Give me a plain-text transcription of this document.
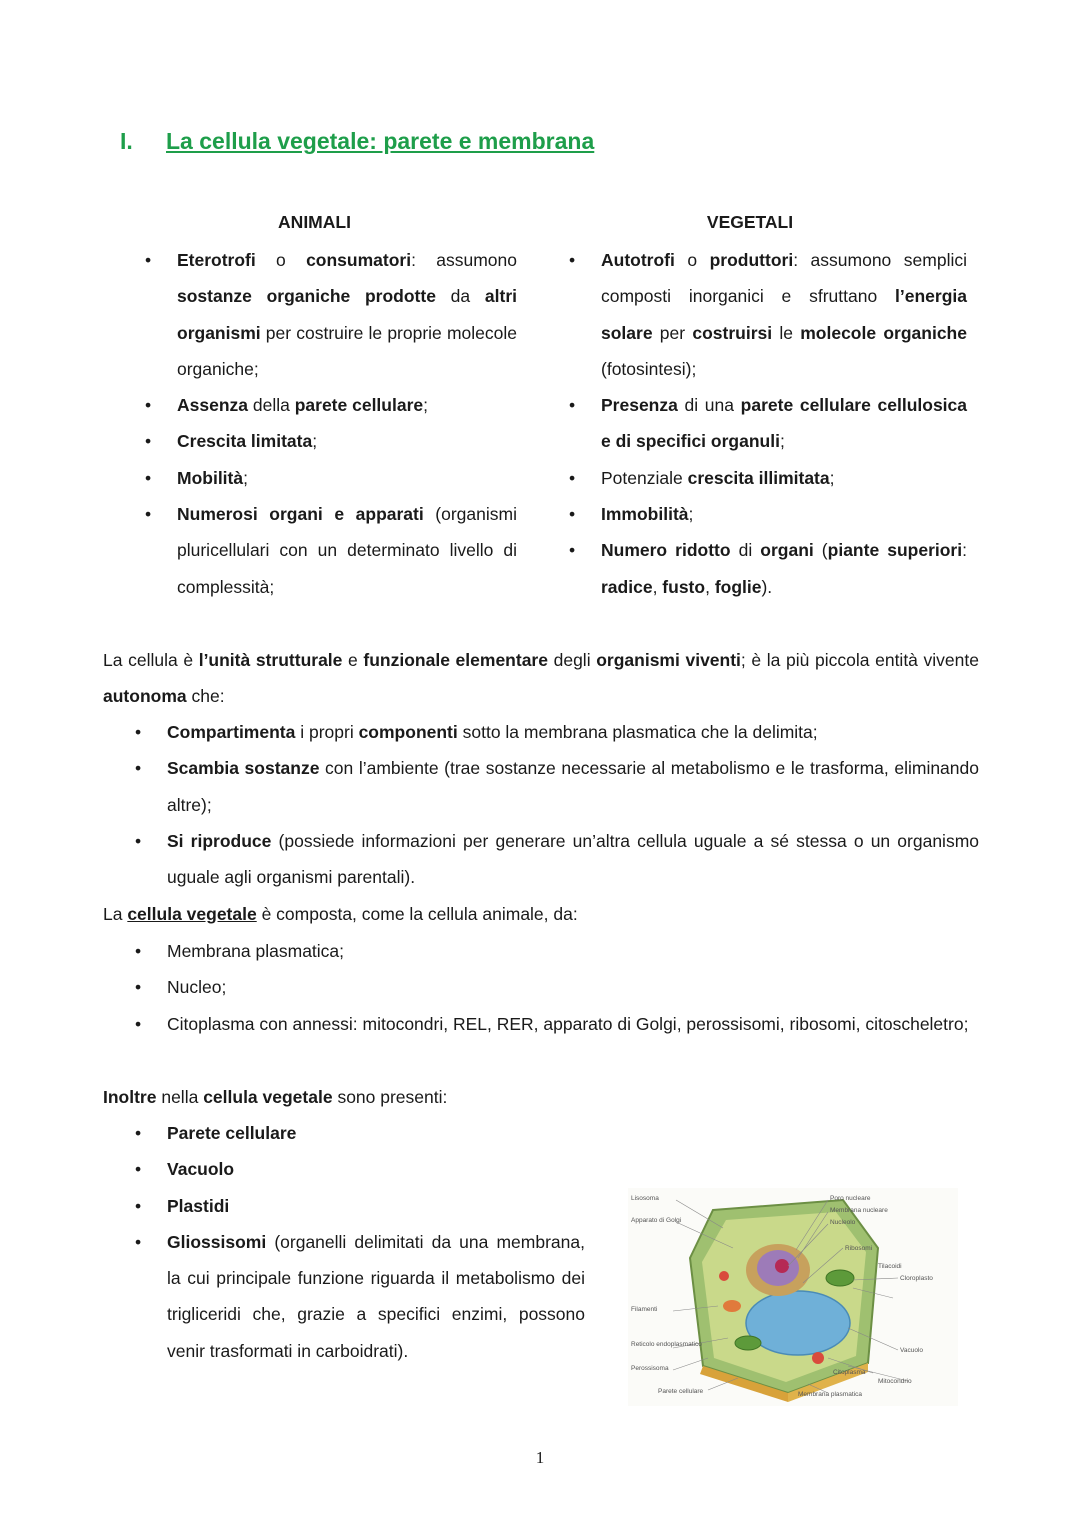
I.	La cellula vegetale: parete e membrana
ANIMALI	VEGETALI
• Eterotrofi o consumatori: assumono sostanze organiche prodotte da altri organismi per costruire le proprie molecole organiche;
• Assenza della parete cellulare;
• Crescita limitata;
• Mobilità;
• Numerosi organi e apparati (organismi pluricellulari con un determinato livello di complessità;
• Autotrofi o produttori: assumono semplici composti inorganici e sfruttano l’energia solare per costruirsi le molecole organiche (fotosintesi);
• Presenza di una parete cellulare cellulosica e di specifici organuli;
• Potenziale crescita illimitata;
• Immobilità;
• Numero ridotto di organi (piante superiori: radice, fusto, foglie).
La cellula è l’unità strutturale e funzionale elementare degli organismi viventi; è la più piccola entità vivente autonoma che:
• Compartimenta i propri componenti sotto la membrana plasmatica che la delimita;
• Scambia sostanze con l’ambiente (trae sostanze necessarie al metabolismo e le trasforma, eliminando altre);
• Si riproduce (possiede informazioni per generare un’altra cellula uguale a sé stessa o un organismo uguale agli organismi parentali).
La cellula vegetale è composta, come la cellula animale, da:
• Membrana plasmatica;
• Nucleo;
• Citoplasma con annessi: mitocondri, REL, RER, apparato di Golgi, perossisomi, ribosomi, citoscheletro;
Inoltre nella cellula vegetale sono presenti:
• Parete cellulare
• Vacuolo
• Plastidi
• Gliossisomi (organelli delimitati da una membrana, la cui principale funzione riguarda il metabolismo dei trigliceridi che, grazie a specifici enzimi, possono venir trasformati in carboidrati).
Lisosoma
Apparato di Golgi
Filamenti
Reticolo endoplasmatico
Perossisoma
Parete cellulare
Poro nucleare
Membrana nucleare
Nucleolo
Ribosomi
Tilacoidi
Cloroplasto
Vacuolo
Citoplasma
Mitocondrio
Membrana plasmatica
1
